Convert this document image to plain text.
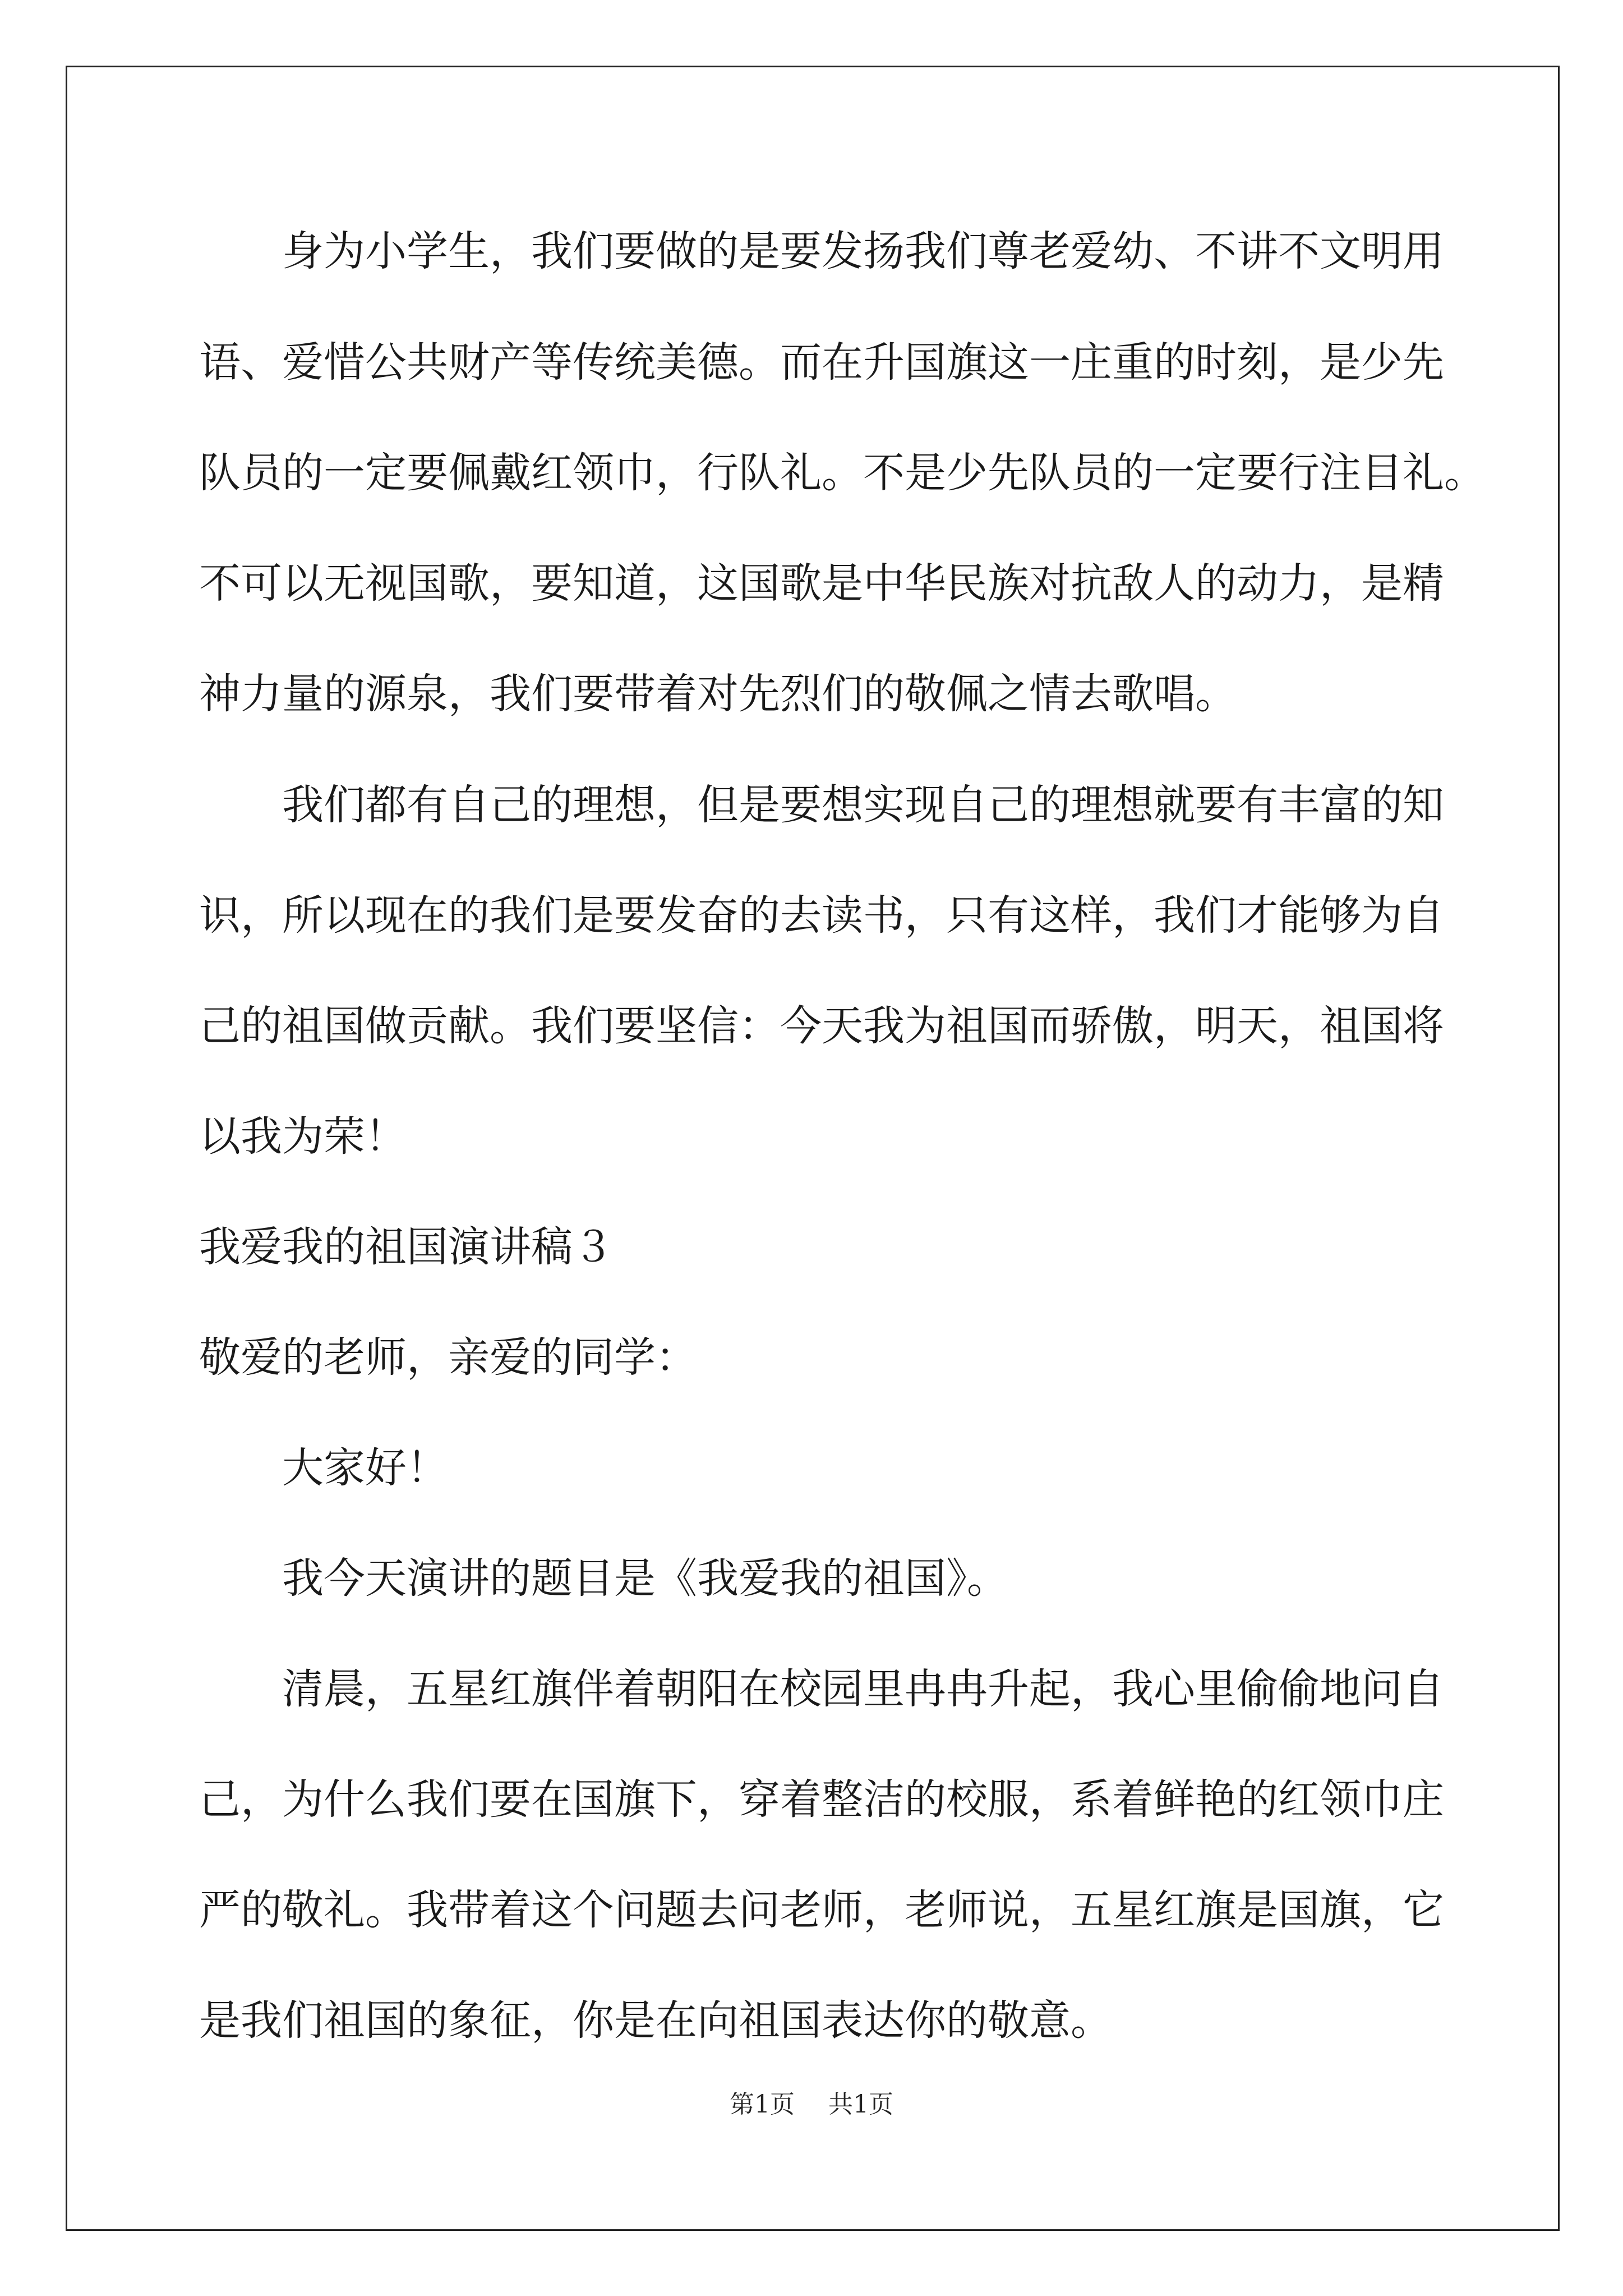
　　身为小学生，我们要做的是要发扬我们尊老爱幼、不讲不文明用
语、爱惜公共财产等传统美德。而在升国旗这一庄重的时刻，是少先
队员的一定要佩戴红领巾，行队礼。不是少先队员的一定要行注目礼。
不可以无视国歌，要知道，这国歌是中华民族对抗敌人的动力，是精
神力量的源泉，我们要带着对先烈们的敬佩之情去歌唱。
　　我们都有自己的理想，但是要想实现自己的理想就要有丰富的知
识，所以现在的我们是要发奋的去读书，只有这样，我们才能够为自
己的祖国做贡献。我们要坚信：今天我为祖国而骄傲，明天，祖国将
以我为荣！
我爱我的祖国演讲稿３
敬爱的老师，亲爱的同学：
　　大家好！
　　我今天演讲的题目是《我爱我的祖国》。
　　清晨，五星红旗伴着朝阳在校园里冉冉升起，我心里偷偷地问自
己，为什么我们要在国旗下，穿着整洁的校服，系着鲜艳的红领巾庄
严的敬礼。我带着这个问题去问老师，老师说，五星红旗是国旗，它
是我们祖国的象征，你是在向祖国表达你的敬意。
第1页 共1页
